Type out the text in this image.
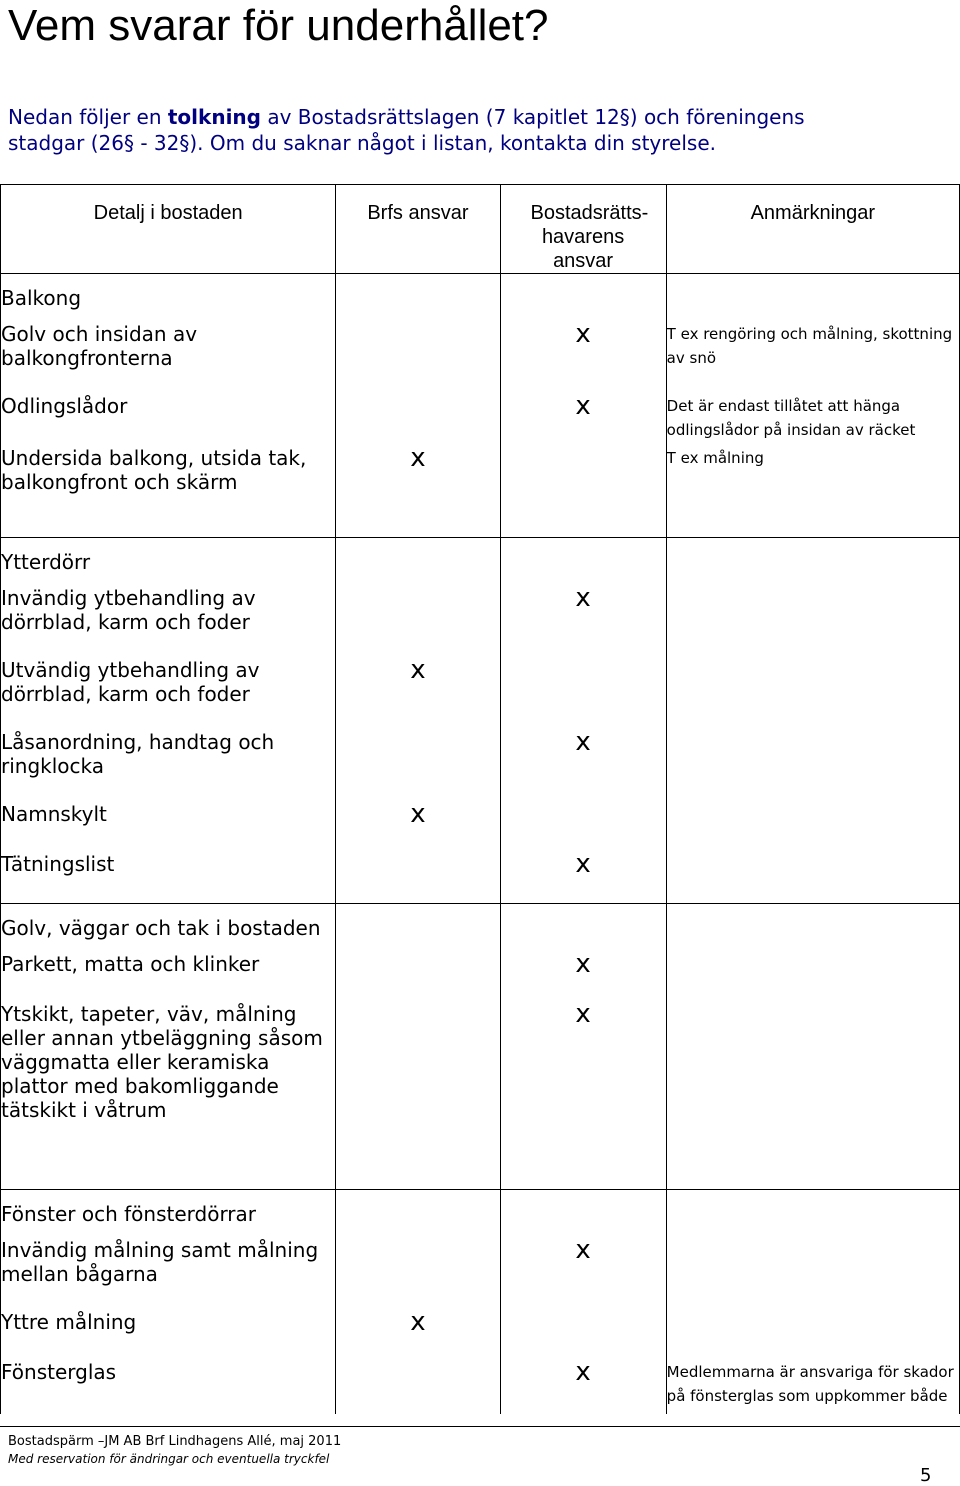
Vem svarar för underhållet?
Nedan följer en tolkning av Bostadsrättslagen (7 kapitlet 12§) och föreningens stadgar (26§ - 32§). Om du saknar något i listan, kontakta din styrelse.
Detalj i bostaden	Brfs ansvar	Bostadsrätts-havarens ansvar	Anmärkningar
Balkong			
Golv och insidan av balkongfronterna		x	T ex rengöring och målning, skottning av snö
Odlingslådor		x	Det är endast tillåtet att hänga odlingslådor på insidan av räcket
Undersida balkong, utsida tak, balkongfront och skärm	x		T ex målning
Ytterdörr			
Invändig ytbehandling av dörrblad, karm och foder		x	
Utvändig ytbehandling av dörrblad, karm och foder	x		
Låsanordning, handtag och ringklocka		x	
Namnskylt	x		
Tätningslist		x	
Golv, väggar och tak i bostaden			
Parkett, matta och klinker		x	
Ytskikt, tapeter, väv, målning eller annan ytbeläggning såsom väggmatta eller keramiska plattor med bakomliggande tätskikt i våtrum		x	
Fönster och fönsterdörrar			
Invändig målning samt målning mellan bågarna		x	
Yttre målning	x		
Fönsterglas		x	Medlemmarna är ansvariga för skador på fönsterglas som uppkommer både
Bostadspärm –JM AB Brf Lindhagens Allé, maj 2011
Med reservation för ändringar och eventuella tryckfel
5
